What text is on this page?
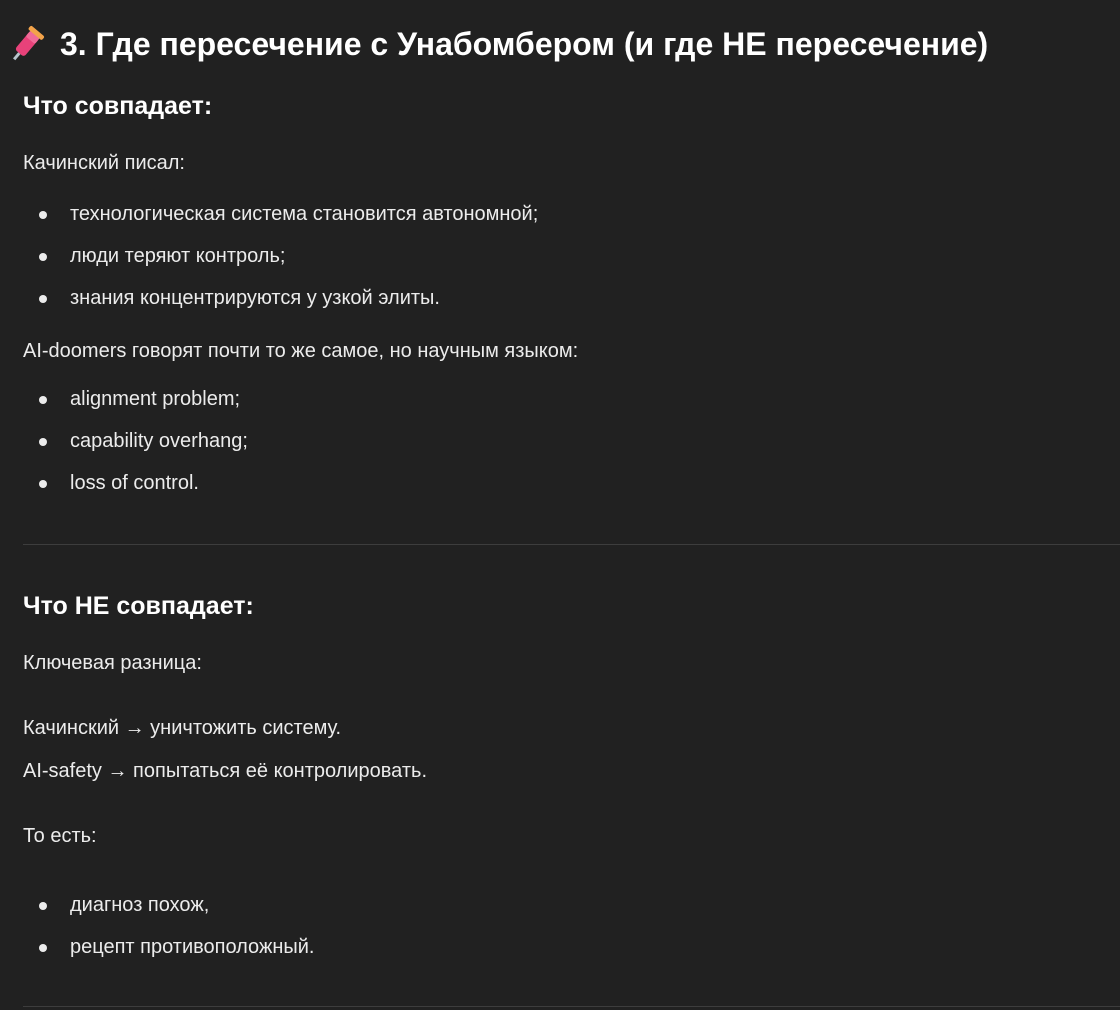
3. Где пересечение с Унабомбером (и где НЕ пересечение)
Что совпадает:
Качинский писал:
технологическая система становится автономной;
люди теряют контроль;
знания концентрируются у узкой элиты.
AI-doomers говорят почти то же самое, но научным языком:
alignment problem;
capability overhang;
loss of control.
Что НЕ совпадает:
Ключевая разница:
Качинский → уничтожить систему.
AI-safety → попытаться её контролировать.
То есть:
диагноз похож,
рецепт противоположный.
